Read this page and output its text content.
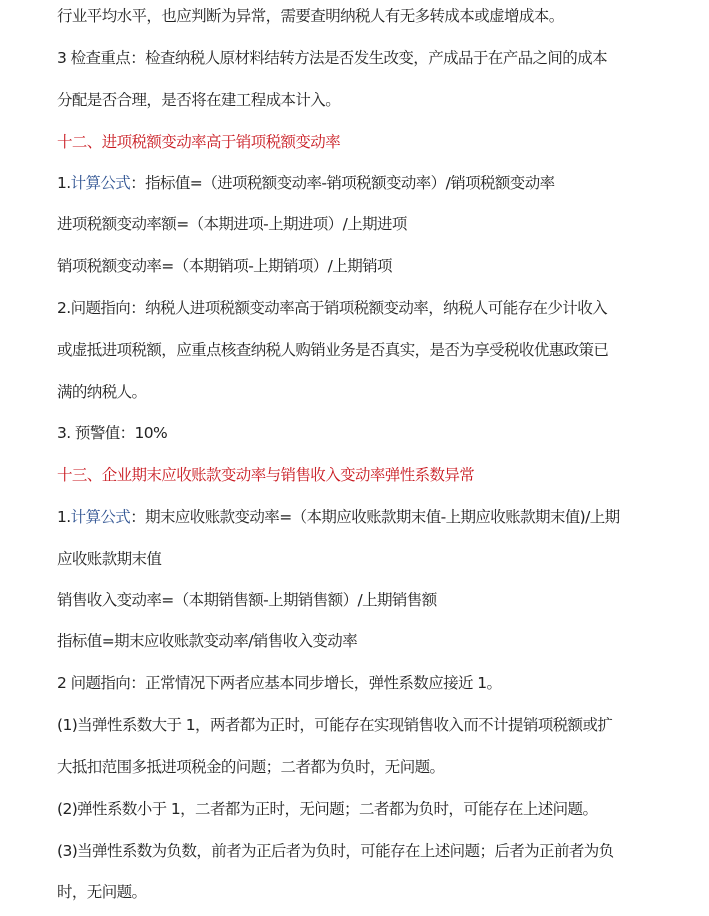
行业平均水平，也应判断为异常，需要查明纳税人有无多转成本或虚增成本。
3 检查重点：检查纳税人原材料结转方法是否发生改变，产成品于在产品之间的成本
分配是否合理，是否将在建工程成本计入。
十二、进项税额变动率高于销项税额变动率
1.计算公式：指标值=（进项税额变动率-销项税额变动率）/销项税额变动率
进项税额变动率额=（本期进项-上期进项）/上期进项
销项税额变动率=（本期销项-上期销项）/上期销项
2.问题指向：纳税人进项税额变动率高于销项税额变动率，纳税人可能存在少计收入
或虚抵进项税额，应重点核查纳税人购销业务是否真实，是否为享受税收优惠政策已
满的纳税人。
3. 预警值：10%
十三、企业期末应收账款变动率与销售收入变动率弹性系数异常
1.计算公式：期末应收账款变动率=（本期应收账款期末值-上期应收账款期末值)/上期
应收账款期末值
销售收入变动率=（本期销售额-上期销售额）/上期销售额
指标值=期末应收账款变动率/销售收入变动率
2 问题指向：正常情况下两者应基本同步增长，弹性系数应接近 1。
(1)当弹性系数大于 1，两者都为正时，可能存在实现销售收入而不计提销项税额或扩
大抵扣范围多抵进项税金的问题；二者都为负时，无问题。
(2)弹性系数小于 1，二者都为正时，无问题；二者都为负时，可能存在上述问题。
(3)当弹性系数为负数，前者为正后者为负时，可能存在上述问题；后者为正前者为负
时，无问题。
